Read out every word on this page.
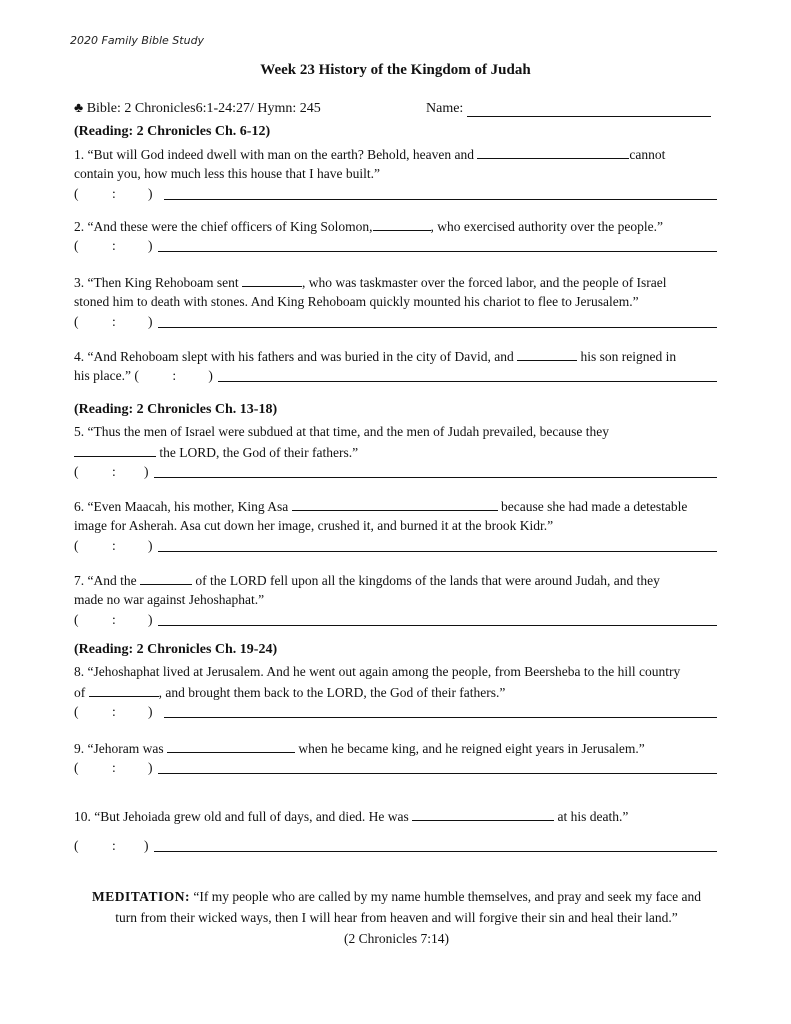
2020 Family Bible Study
Week 23 History of the Kingdom of Judah
♣ Bible: 2 Chronicles6:1-24:27/ Hymn: 245	Name:
(Reading: 2 Chronicles Ch. 6-12)
1. “But will God indeed dwell with man on the earth? Behold, heaven and	cannot
contain you, how much less this house that I have built.”
( : )
2. “And these were the chief officers of King Solomon,	, who exercised authority over the people.”
( : )
3. “Then King Rehoboam sent	, who was taskmaster over the forced labor, and the people of Israel
stoned him to death with stones. And King Rehoboam quickly mounted his chariot to flee to Jerusalem.”
( : )
4. “And Rehoboam slept with his fathers and was buried in the city of David, and	his son reigned in
his place.” ( : )
(Reading: 2 Chronicles Ch. 13-18)
5. “Thus the men of Israel were subdued at that time, and the men of Judah prevailed, because they
the LORD, the God of their fathers.”
( : )
6. “Even Maacah, his mother, King Asa	because she had made a detestable
image for Asherah. Asa cut down her image, crushed it, and burned it at the brook Kidr.”
( : )
7. “And the	of the LORD fell upon all the kingdoms of the lands that were around Judah, and they
made no war against Jehoshaphat.”
( : )
(Reading: 2 Chronicles Ch. 19-24)
8. “Jehoshaphat lived at Jerusalem. And he went out again among the people, from Beersheba to the hill country
of	, and brought them back to the LORD, the God of their fathers.”
( : )
9. “Jehoram was	when he became king, and he reigned eight years in Jerusalem.”
( : )
10. “But Jehoiada grew old and full of days, and died. He was	at his death.”
( : )
MEDITATION: “If my people who are called by my name humble themselves, and pray and seek my face and
turn from their wicked ways, then I will hear from heaven and will forgive their sin and heal their land.”
(2 Chronicles 7:14)
